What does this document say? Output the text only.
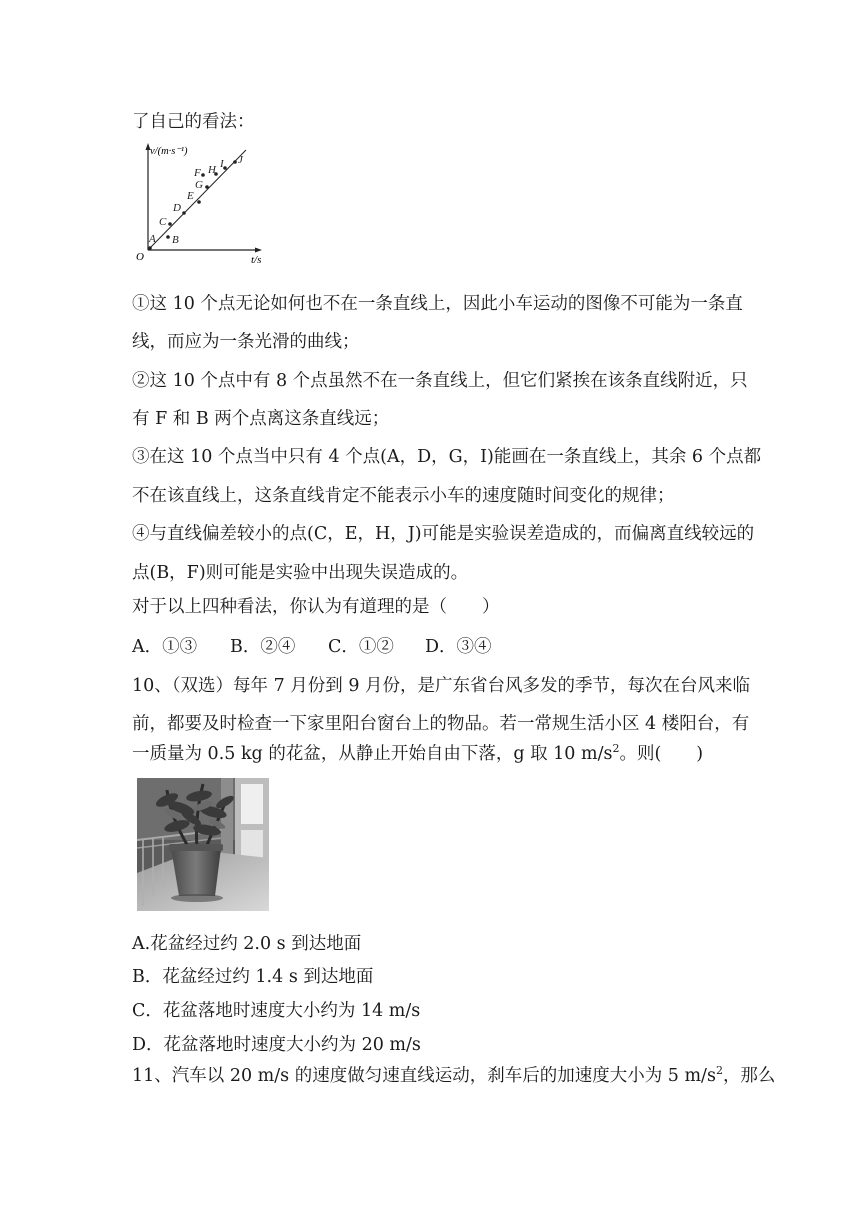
了自己的看法：
v/(m·s⁻¹)
t/s
O
A B
C
D
E
F
G
H I J
①这 10 个点无论如何也不在一条直线上，因此小车运动的图像不可能为一条直
线，而应为一条光滑的曲线；
②这 10 个点中有 8 个点虽然不在一条直线上，但它们紧挨在该条直线附近，只
有 F 和 B 两个点离这条直线远；
③在这 10 个点当中只有 4 个点(A，D，G，I)能画在一条直线上，其余 6 个点都
不在该直线上，这条直线肯定不能表示小车的速度随时间变化的规律；
④与直线偏差较小的点(C，E，H，J)可能是实验误差造成的，而偏离直线较远的
点(B，F)则可能是实验中出现失误造成的。
对于以上四种看法，你认为有道理的是（　　）
A．①③ B．②④ C．①② D．③④
10、（双选）每年 7 月份到 9 月份，是广东省台风多发的季节，每次在台风来临
前，都要及时检查一下家里阳台窗台上的物品。若一常规生活小区 4 楼阳台，有
一质量为 0.5 kg 的花盆，从静止开始自由下落，g 取 10 $m/s^2$。则(　　)
A.花盆经过约 2.0 s 到达地面
B．花盆经过约 1.4 s 到达地面
C．花盆落地时速度大小约为 14 m/s
D．花盆落地时速度大小约为 20 m/s
11、汽车以 20 m/s 的速度做匀速直线运动，刹车后的加速度大小为 5 $m/s^2$，那么
